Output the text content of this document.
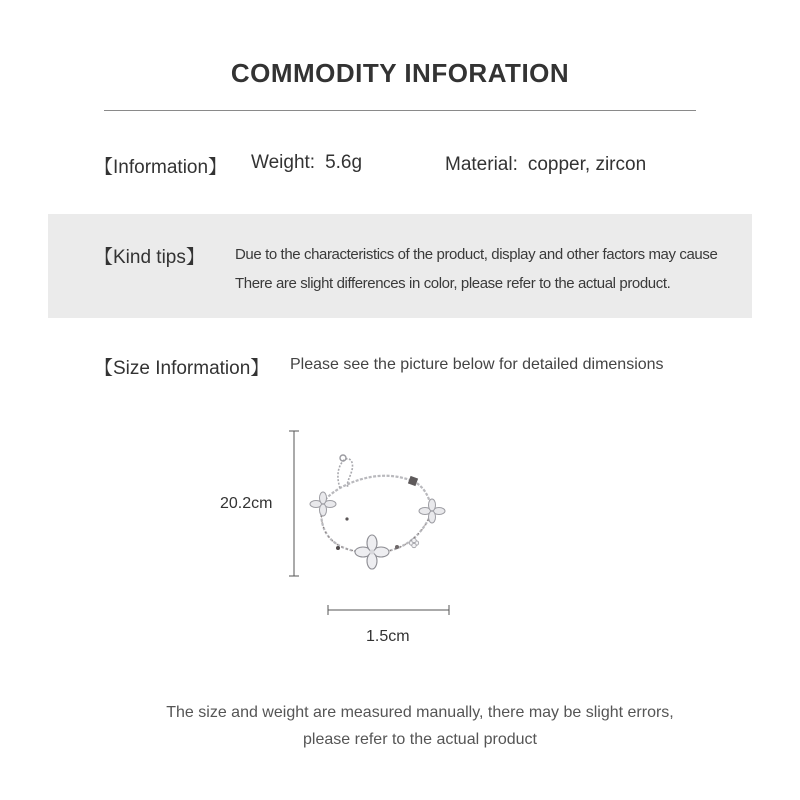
COMMODITY INFORATION
【Information】 Weight: 5.6g	Material: copper, zircon
【Kind tips】 Due to the characteristics of the product, display and other factors may cause
There are slight differences in color, please refer to the actual product.
【Size Information】 Please see the picture below for detailed dimensions
20.2cm
1.5cm
The size and weight are measured manually, there may be slight errors,
please refer to the actual product
